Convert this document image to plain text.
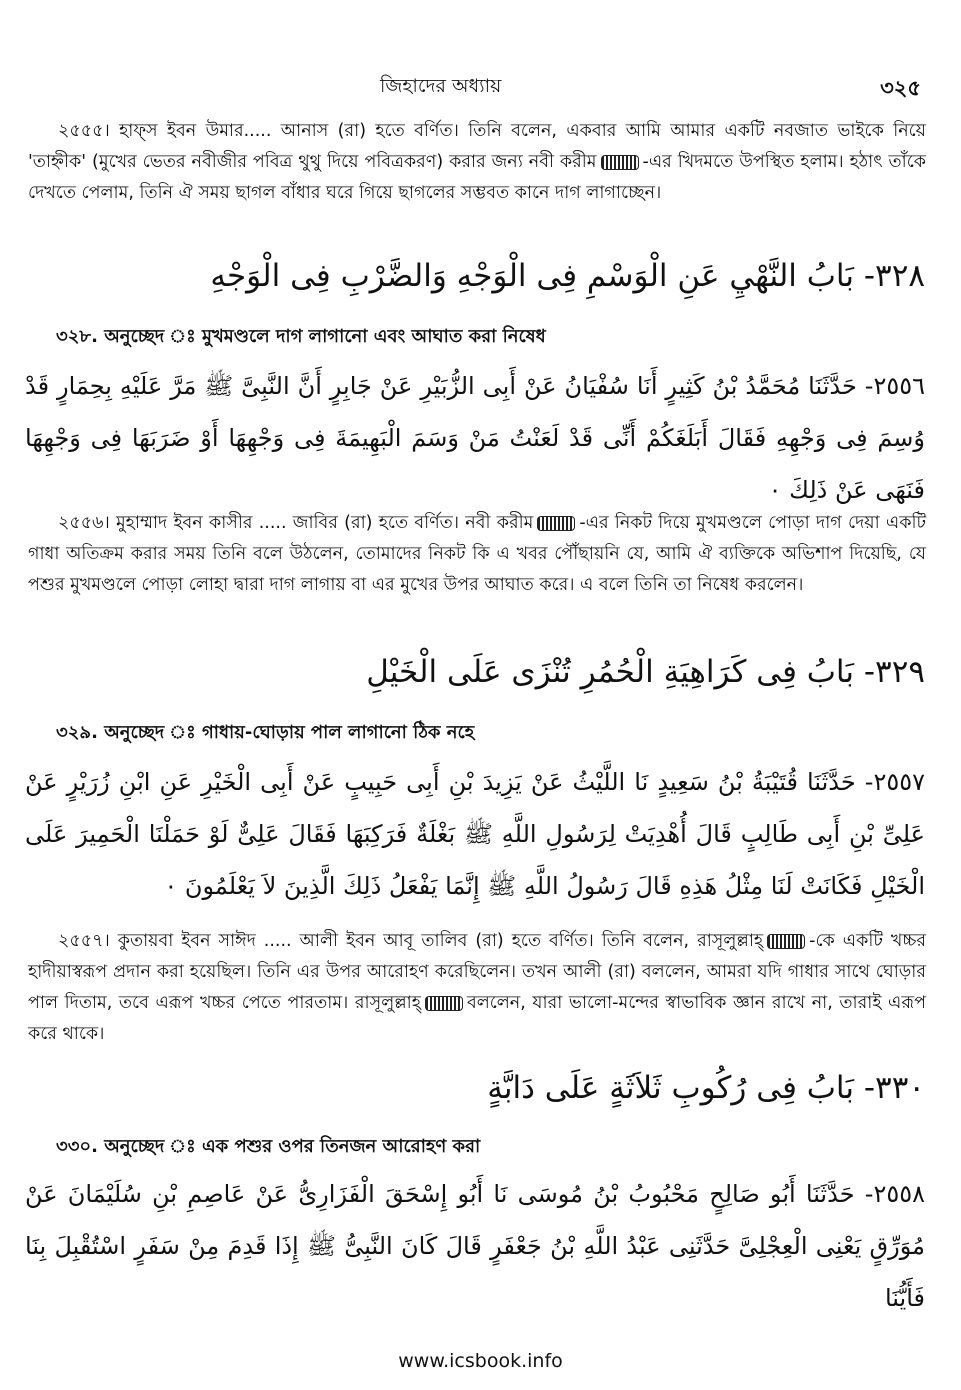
জিহাদের অধ্যায়	৩২৫
২৫৫৫। হাফ্স ইবন উমার..... আনাস (রা) হতে বর্ণিত। তিনি বলেন, একবার আমি আমার একটি নবজাত ভাইকে নিয়ে 'তাহ্নীক' (মুখের ভেতর নবীজীর পবিত্র থুথু দিয়ে পবিত্রকরণ) করার জন্য নবী করীম	-এর খিদমতে উপস্থিত হলাম। হঠাৎ তাঁকে দেখতে পেলাম, তিনি ঐ সময় ছাগল বাঁধার ঘরে গিয়ে ছাগলের সম্ভবত কানে দাগ লাগাচ্ছেন।
٣٢٨- بَابُ النَّهْيِ عَنِ الْوَسْمِ فِى الْوَجْهِ وَالضَّرْبِ فِى الْوَجْهِ
৩২৮. অনুচ্ছেদ ঃ মুখমণ্ডলে দাগ লাগানো এবং আঘাত করা নিষেধ
٢٥٥٦- حَدَّثَنَا مُحَمَّدُ بْنُ كَثِيرٍ أَنَا سُفْيَانُ عَنْ أَبِى الزُّبَيْرِ عَنْ جَابِرٍ أَنَّ النَّبِىَّ ﷺ مَرَّ عَلَيْهِ بِحِمَارٍ قَدْ وُسِمَ فِى وَجْهِهِ فَقَالَ أَبَلَغَكُمْ أَنِّى قَدْ لَعَنْتُ مَنْ وَسَمَ الْبَهِيمَةَ فِى وَجْهِهَا أَوْ ضَرَبَهَا فِى وَجْهِهَا فَنَهَى عَنْ ذَلِكَ ٠
২৫৫৬। মুহাম্মাদ ইবন কাসীর ..... জাবির (রা) হতে বর্ণিত। নবী করীম	-এর নিকট দিয়ে মুখমণ্ডলে পোড়া দাগ দেয়া একটি গাধা অতিক্রম করার সময় তিনি বলে উঠলেন, তোমাদের নিকট কি এ খবর পৌঁছায়নি যে, আমি ঐ ব্যক্তিকে অভিশাপ দিয়েছি, যে পশুর মুখমণ্ডলে পোড়া লোহা দ্বারা দাগ লাগায় বা এর মুখের উপর আঘাত করে। এ বলে তিনি তা নিষেধ করলেন।
٣٢٩- بَابُ فِى كَرَاهِيَةِ الْحُمُرِ تُنْزَى عَلَى الْخَيْلِ
৩২৯. অনুচ্ছেদ ঃ গাধায়-ঘোড়ায় পাল লাগানো ঠিক নহে
٢٥٥٧- حَدَّثَنَا قُتَيْبَةُ بْنُ سَعِيدٍ نَا اللَّيْثُ عَنْ يَزِيدَ بْنِ أَبِى حَبِيبٍ عَنْ أَبِى الْخَيْرِ عَنِ ابْنِ زُرَيْرٍ عَنْ عَلِىِّ بْنِ أَبِى طَالِبٍ قَالَ أُهْدِيَتْ لِرَسُولِ اللَّهِ ﷺ بَغْلَةٌ فَرَكِبَهَا فَقَالَ عَلِىٌّ لَوْ حَمَلْنَا الْحَمِيرَ عَلَى الْخَيْلِ فَكَانَتْ لَنَا مِثْلُ هَذِهِ قَالَ رَسُولُ اللَّهِ ﷺ إِنَّمَا يَفْعَلُ ذَلِكَ الَّذِينَ لاَ يَعْلَمُونَ ٠
২৫৫৭। কুতায়বা ইবন সাঈদ ..... আলী ইবন আবূ তালিব (রা) হতে বর্ণিত। তিনি বলেন, রাসূলুল্লাহ্	-কে একটি খচ্চর হাদীয়াস্বরূপ প্রদান করা হয়েছিল। তিনি এর উপর আরোহণ করেছিলেন। তখন আলী (রা) বললেন, আমরা যদি গাধার সাথে ঘোড়ার পাল দিতাম, তবে এরূপ খচ্চর পেতে পারতাম। রাসূলুল্লাহ্	বললেন, যারা ভালো-মন্দের স্বাভাবিক জ্ঞান রাখে না, তারাই এরূপ করে থাকে।
٣٣٠- بَابُ فِى رُكُوبِ ثَلاَثَةٍ عَلَى دَابَّةٍ
৩৩০. অনুচ্ছেদ ঃ এক পশুর ওপর তিনজন আরোহণ করা
٢٥٥٨- حَدَّثَنَا أَبُو صَالِحٍ مَحْبُوبُ بْنُ مُوسَى نَا أَبُو إِسْحَقَ الْفَزَارِىُّ عَنْ عَاصِمِ بْنِ سُلَيْمَانَ عَنْ مُوَرِّقٍ يَعْنِى الْعِجْلِىَّ حَدَّثَنِى عَبْدُ اللَّهِ بْنُ جَعْفَرٍ قَالَ كَانَ النَّبِىُّ ﷺ إِذَا قَدِمَ مِنْ سَفَرٍ اسْتُقْبِلَ بِنَا فَأَيُّنَا
www.icsbook.info
